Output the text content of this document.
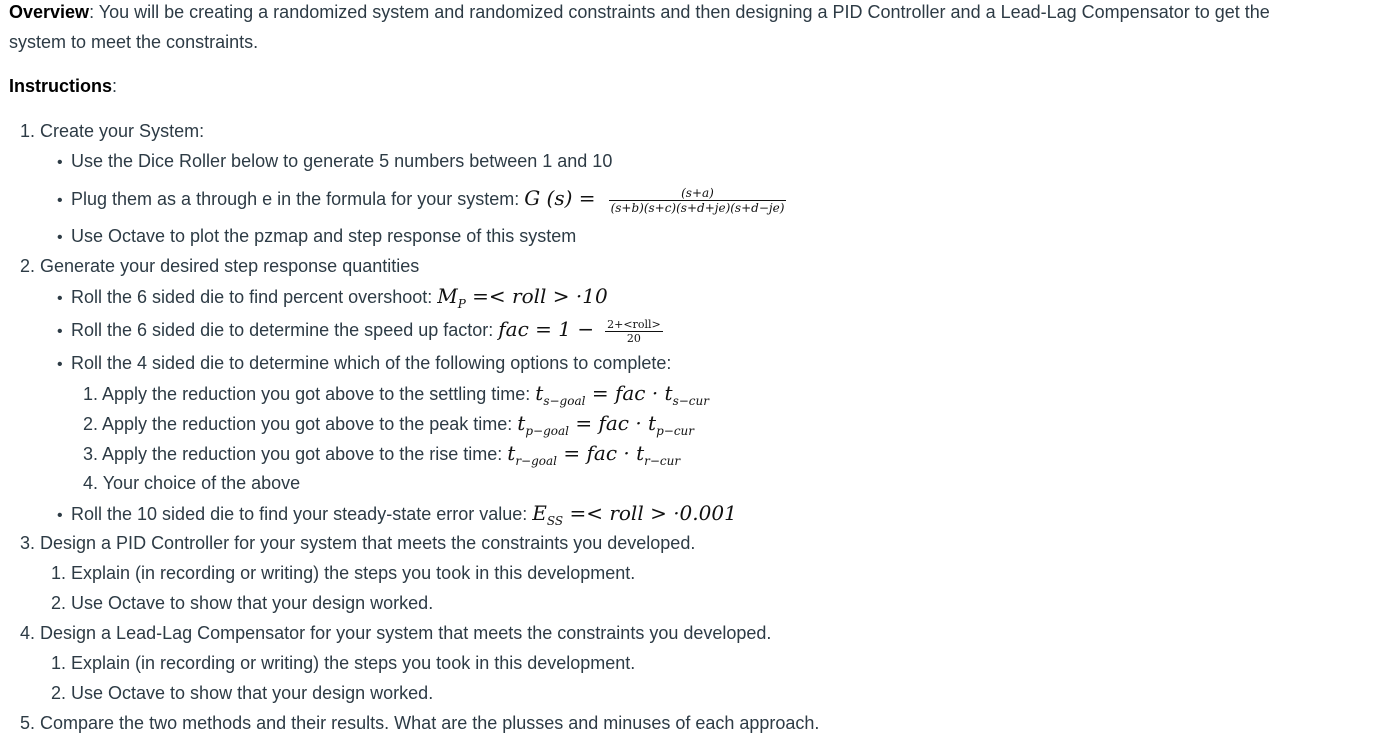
Overview: You will be creating a randomized system and randomized constraints and then designing a PID Controller and a Lead-Lag Compensator to get the
system to meet the constraints.
Instructions:
1. Create your System:
• Use the Dice Roller below to generate 5 numbers between 1 and 10
• Plug them as a through e in the formula for your system: G $(s) = \frac{(s+a)}{(s+b)(s+c)(s+d+je)(s+d-je)}$
• Use Octave to plot the pzmap and step response of this system
2. Generate your desired step response quantities
• Roll the 6 sided die to find percent overshoot: $M_P$ =< roll > ·10
• Roll the 6 sided die to determine the speed up factor: fac = $1 - \frac{\text{2+<roll>}}{20}$
• Roll the 4 sided die to determine which of the following options to complete:
1. Apply the reduction you got above to the settling time: $t_{s-goal}$ = fac · $t_{s-cur}$
2. Apply the reduction you got above to the peak time: $t_{p-goal}$ = fac · $t_{p-cur}$
3. Apply the reduction you got above to the rise time: $t_{r-goal}$ = fac · $t_{r-cur}$
4. Your choice of the above
• Roll the 10 sided die to find your steady-state error value: $E_{SS}$ =< roll > ·0.001
3. Design a PID Controller for your system that meets the constraints you developed.
1. Explain (in recording or writing) the steps you took in this development.
2. Use Octave to show that your design worked.
4. Design a Lead-Lag Compensator for your system that meets the constraints you developed.
1. Explain (in recording or writing) the steps you took in this development.
2. Use Octave to show that your design worked.
5. Compare the two methods and their results. What are the plusses and minuses of each approach.
